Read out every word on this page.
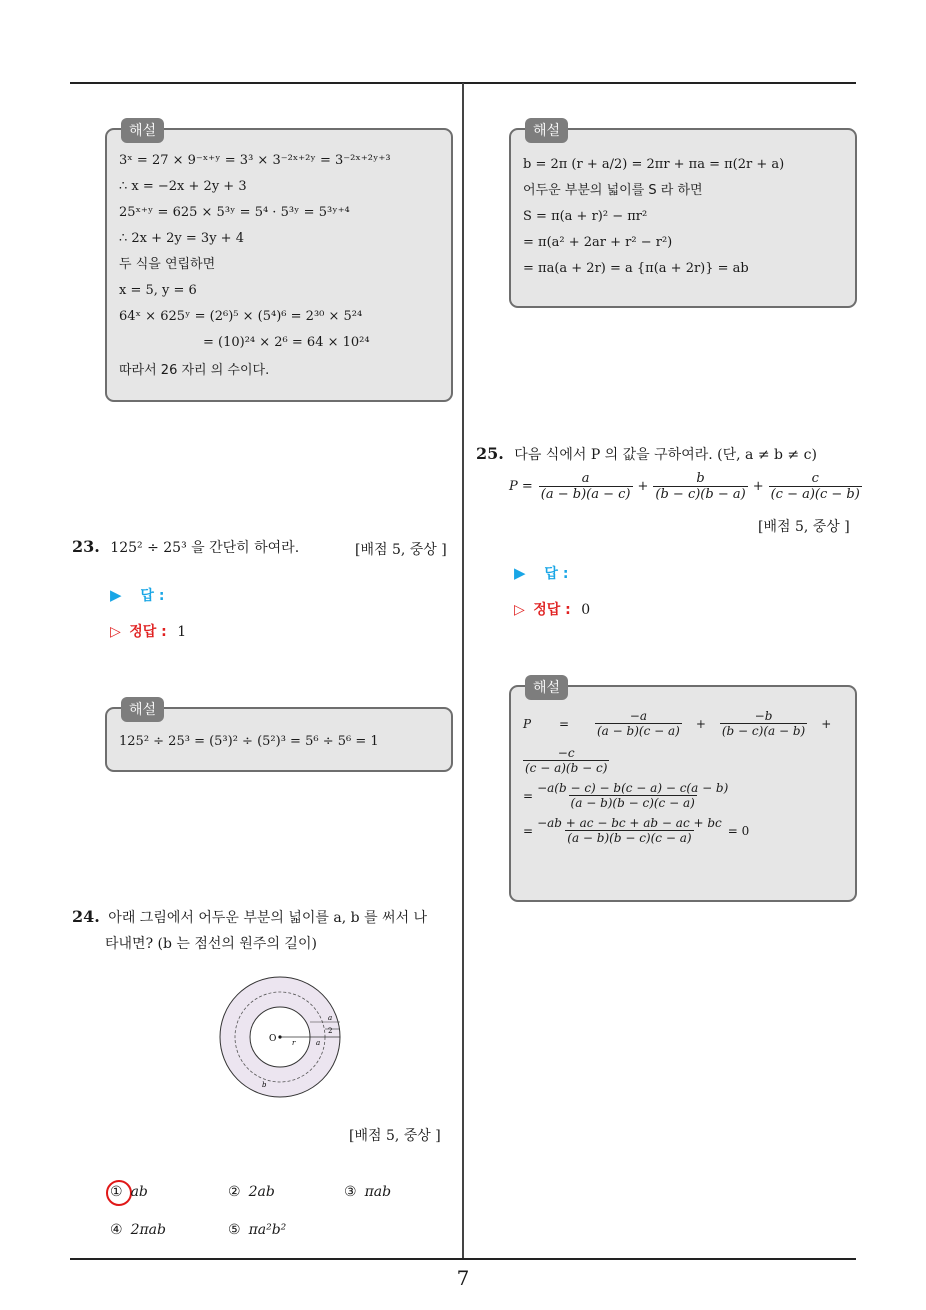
해설
3ˣ = 27 × 9⁻ˣ⁺ʸ = 3³ × 3⁻²ˣ⁺²ʸ = 3⁻²ˣ⁺²ʸ⁺³
∴ x = −2x + 2y + 3
25ˣ⁺ʸ = 625 × 5³ʸ = 5⁴ · 5³ʸ = 5³ʸ⁺⁴
∴ 2x + 2y = 3y + 4
두 식을 연립하면
x = 5, y = 6
64ˣ × 625ʸ = (2⁶)⁵ × (5⁴)⁶ = 2³⁰ × 5²⁴
= (10)²⁴ × 2⁶ = 64 × 10²⁴
따라서 26 자리 의 수이다.
23. 125² ÷ 25³ 을 간단히 하여라.	[배점 5, 중상 ]
▶ 답 :
▷ 정답 : 1
해설
125² ÷ 25³ = (5³)² ÷ (5²)³ = 5⁶ ÷ 5⁶ = 1
24. 아래 그림에서 어두운 부분의 넓이를 a, b 를 써서 나
타내면? (b 는 점선의 원주의 길이)
O r	a
a
2
b
[배점 5, 중상 ]
① ab	② 2ab	③ πab
④ 2πab	⑤ πa²b²
해설
b = 2π (r + a/2) = 2πr + πa = π(2r + a)
어두운 부분의 넓이를 S 라 하면
S = π(a + r)² − πr²
= π(a² + 2ar + r² − r²)
= πa(a + 2r) = a {π(a + 2r)} = ab
25. 다음 식에서 P 의 값을 구하여라. (단, a ≠ b ≠ c)
$P = \frac{a}{(a - b)(a - c)} + \frac{b}{(b - c)(b - a)} + \frac{c}{(c - a)(c - b)}$
[배점 5, 중상 ]
▶ 답 :
▷ 정답 : 0
해설
P	=	$\frac{-a}{(a - b)(c - a)} + \frac{-b}{(b - c)(a - b)}$ +
$\frac{-c}{(c - a)(b - c)}$
= $\frac{-a(b - c) - b(c - a) - c(a - b)}{(a - b)(b - c)(c - a)}$
= $\frac{-ab + ac - bc + ab - ac + bc}{(a - b)(b - c)(c - a)} = 0$
7
